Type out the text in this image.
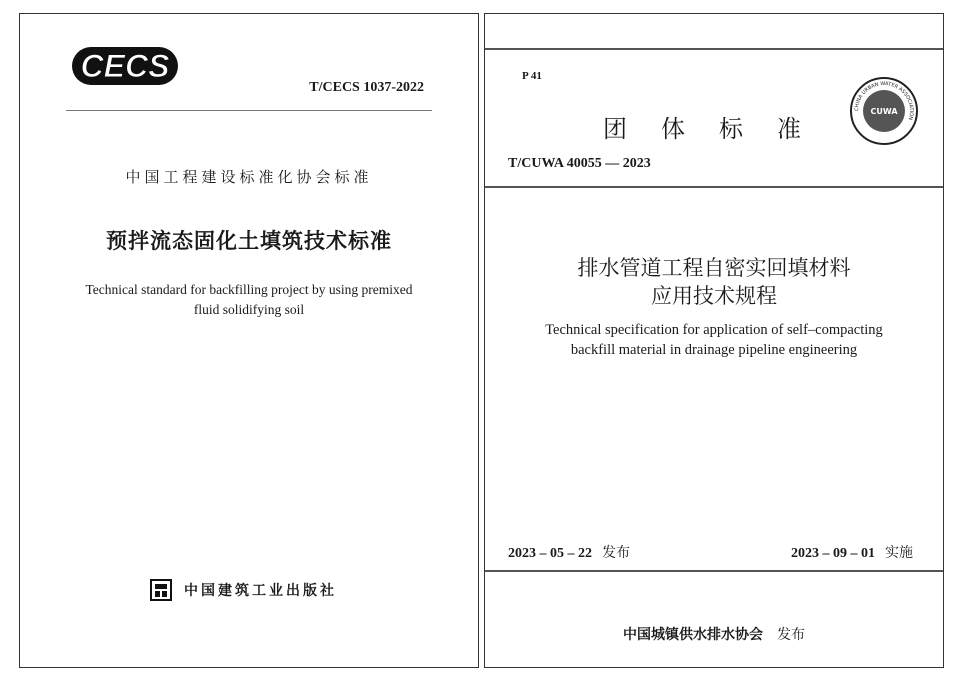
CECS
T/CECS 1037-2022
中国工程建设标准化协会标准
预拌流态固化土填筑技术标准
Technical standard for backfilling project by using premixed
fluid solidifying soil
中国建筑工业出版社
P 41
团体标准
CHINA URBAN WATER ASSOCIATION
CUWA
T/CUWA 40055 — 2023
排水管道工程自密实回填材料
应用技术规程
Technical specification for application of self–compacting
backfill material in drainage pipeline engineering
2023 – 05 – 22 发布	2023 – 09 – 01 实施
中国城镇供水排水协会 发布
